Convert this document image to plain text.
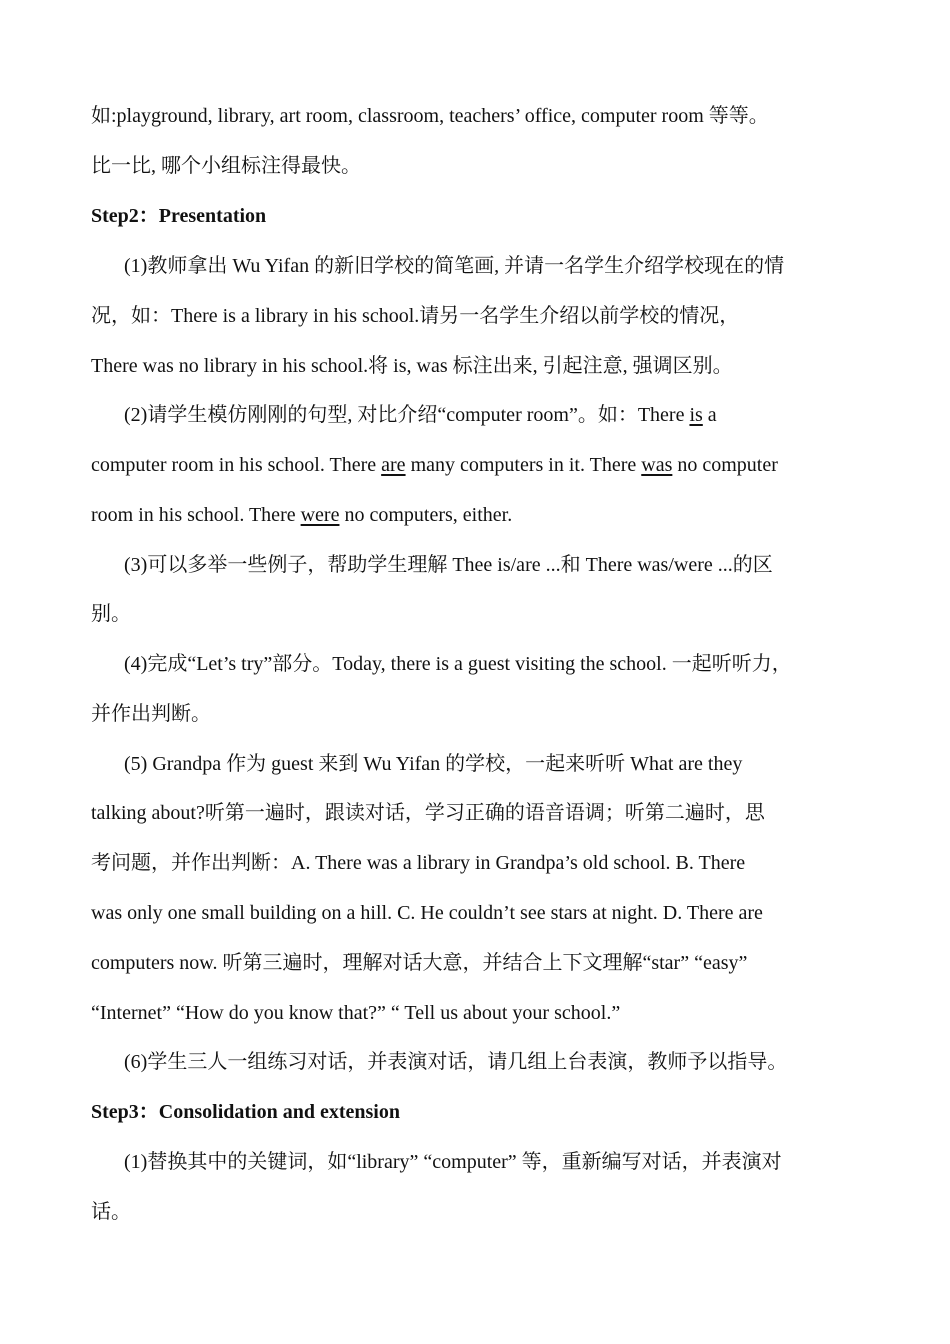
如:playground, library, art room, classroom, teachers’ office, computer room 等等。
比一比, 哪个小组标注得最快。
Step2：Presentation
(1)教师拿出 Wu Yifan 的新旧学校的简笔画, 并请一名学生介绍学校现在的情
况，如：There is a library in his school.请另一名学生介绍以前学校的情况，
There was no library in his school.将 is, was 标注出来, 引起注意, 强调区别。
(2)请学生模仿刚刚的句型, 对比介绍“computer room”。如：There is a
computer room in his school. There are many computers in it. There was no computer
room in his school. There were no computers, either.
(3)可以多举一些例子，帮助学生理解 Thee is/are ...和 There was/were ...的区
别。
(4)完成“Let’s try”部分。Today, there is a guest visiting the school. 一起听听力，
并作出判断。
(5) Grandpa 作为 guest 来到 Wu Yifan 的学校，一起来听听 What are they
talking about?听第一遍时，跟读对话，学习正确的语音语调；听第二遍时，思
考问题，并作出判断：A. There was a library in Grandpa’s old school. B. There
was only one small building on a hill. C. He couldn’t see stars at night. D. There are
computers now. 听第三遍时，理解对话大意，并结合上下文理解“star” “easy”
“Internet” “How do you know that?” “ Tell us about your school.”
(6)学生三人一组练习对话，并表演对话，请几组上台表演，教师予以指导。
Step3：Consolidation and extension
(1)替换其中的关键词，如“library” “computer” 等，重新编写对话，并表演对
话。
